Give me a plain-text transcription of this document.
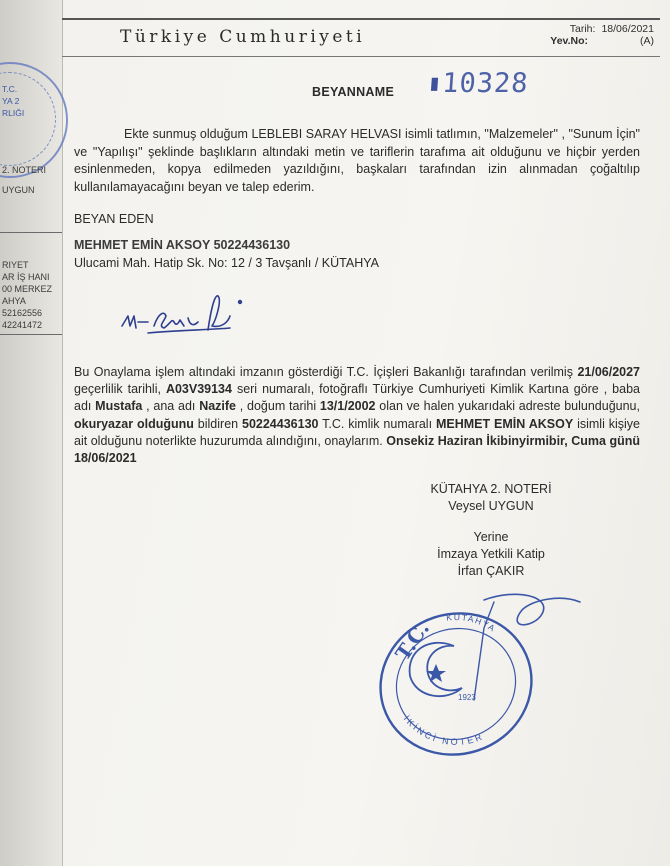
T.C.
YA 2
RLIĞI
2. NOTERI
UYGUN
RIYET
AR İŞ HANI
00 MERKEZ
AHYA
52162556
42241472
Türkiye Cumhuriyeti	Tarih: 18/06/2021
Yev.No:	(A)
BEYANNAME ▮10328
Ekte sunmuş olduğum LEBLEBI SARAY HELVASI isimli tatlımın, "Malzemeler" , "Sunum İçin" ve "Yapılışı" şeklinde başlıkların altındaki metin ve tariflerin tarafıma ait olduğunu ve hiçbir yerden esinlenmeden, kopya edilmeden yazıldığını, başkaları tarafından izin alınmadan çoğaltılıp kullanılamayacağını beyan ve talep ederim.
BEYAN EDEN
MEHMET EMİN AKSOY 50224436130
Ulucami Mah. Hatip Sk. No: 12 / 3 Tavşanlı / KÜTAHYA
Bu Onaylama işlem altındaki imzanın gösterdiği T.C. İçişleri Bakanlığı tarafından verilmiş 21/06/2027 geçerlilik tarihli, A03V39134 seri numaralı, fotoğraflı Türkiye Cumhuriyeti Kimlik Kartına göre , baba adı Mustafa , ana adı Nazife , doğum tarihi 13/1/2002 olan ve halen yukarıdaki adreste bulunduğunu, okuryazar olduğunu bildiren 50224436130 T.C. kimlik numaralı MEHMET EMİN AKSOY isimli kişiye ait olduğunu noterlikte huzurumda alındığını, onaylarım. Onsekiz Haziran İkibinyirmibir, Cuma günü 18/06/2021
KÜTAHYA 2. NOTERİ
Veysel UYGUN
Yerine
İmzaya Yetkili Katip
İrfan ÇAKIR
T.C.
1923
KÜTAHYA
İKİNCİ NOTER
